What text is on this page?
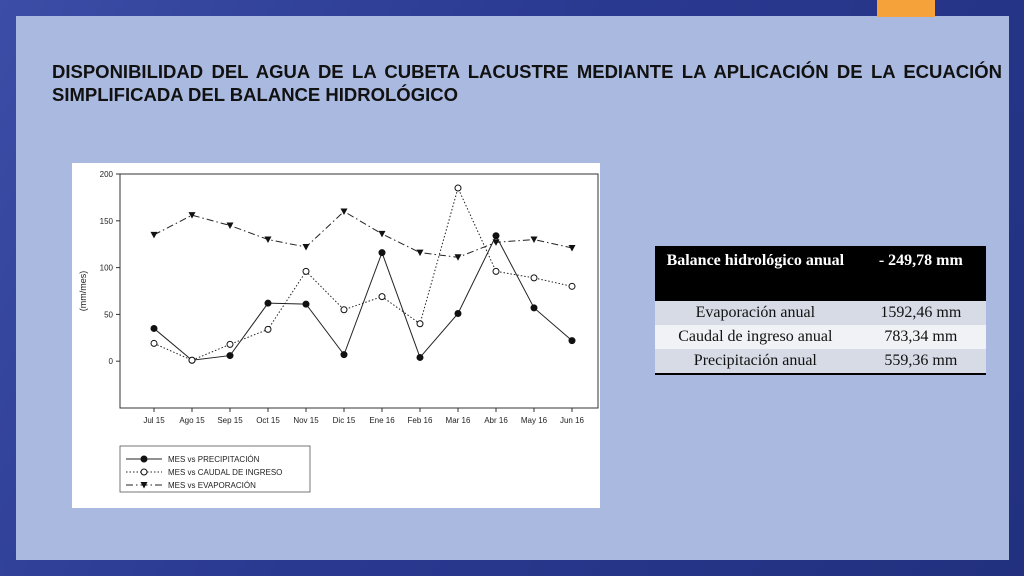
DISPONIBILIDAD DEL AGUA DE LA CUBETA LACUSTRE MEDIANTE LA APLICACIÓN DE LA ECUACIÓN SIMPLIFICADA DEL BALANCE HIDROLÓGICO
(mm/mes)
0
50
100
150
200
Jul 15 Ago 15 Sep 15 Oct 15 Nov 15 Dic 15 Ene 16 Feb 16 Mar 16 Abr 16 May 16 Jun 16
MES vs PRECIPITACIÓN
MES vs CAUDAL DE INGRESO
MES vs EVAPORACIÓN
Balance hidrológico anual	- 249,78 mm
Evaporación anual	1592,46 mm
Caudal de ingreso anual	783,34 mm
Precipitación anual	559,36 mm
